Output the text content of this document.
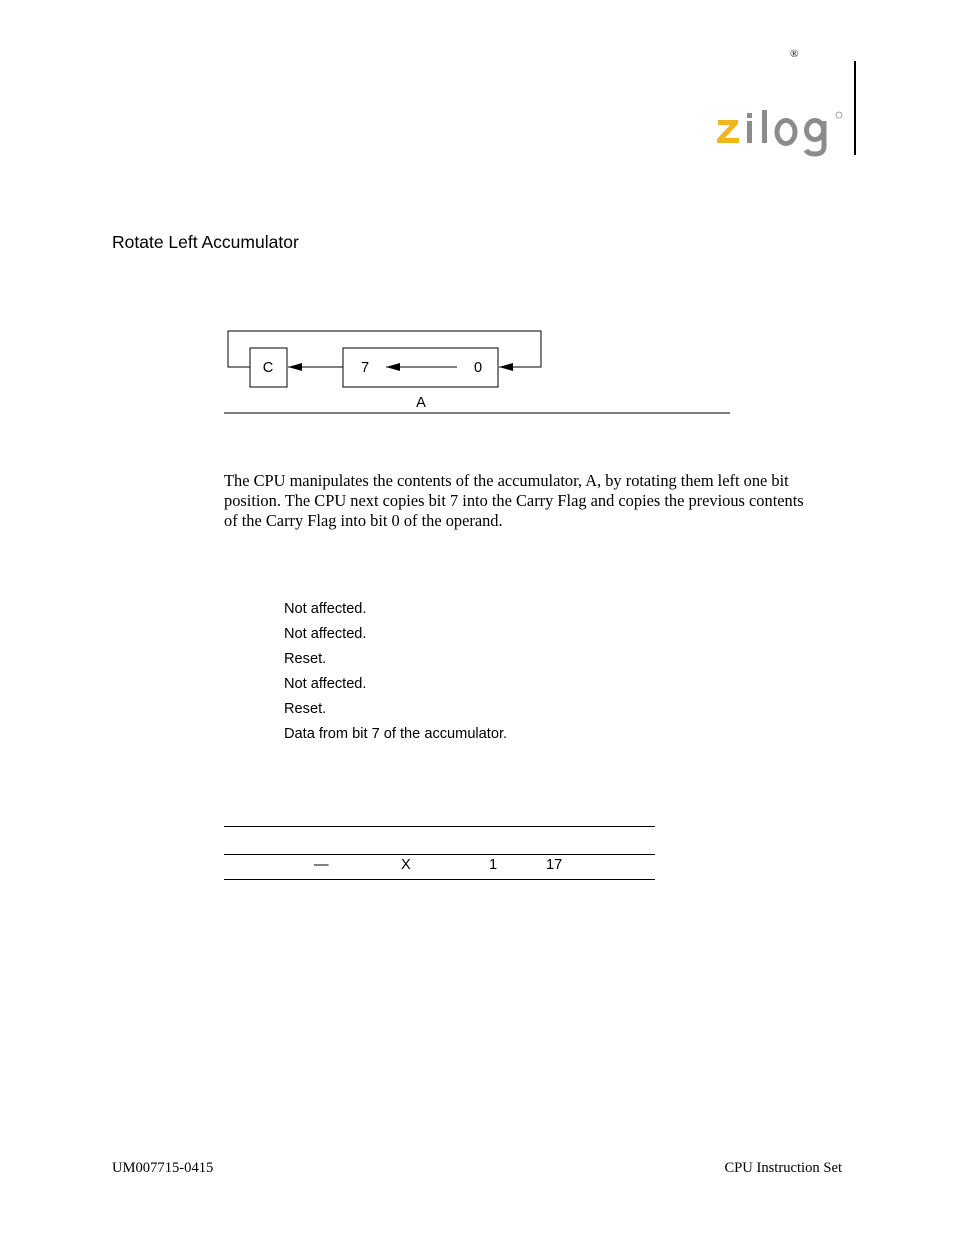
®
Rotate Left Accumulator
C	7	0
A
The CPU manipulates the contents of the accumulator, A, by rotating them left one bit
position. The CPU next copies bit 7 into the Carry Flag and copies the previous contents
of the Carry Flag into bit 0 of the operand.
Not affected.
Not affected.
Reset.
Not affected.
Reset.
Data from bit 7 of the accumulator.
—	X	1	17
UM007715-0415	CPU Instruction Set
